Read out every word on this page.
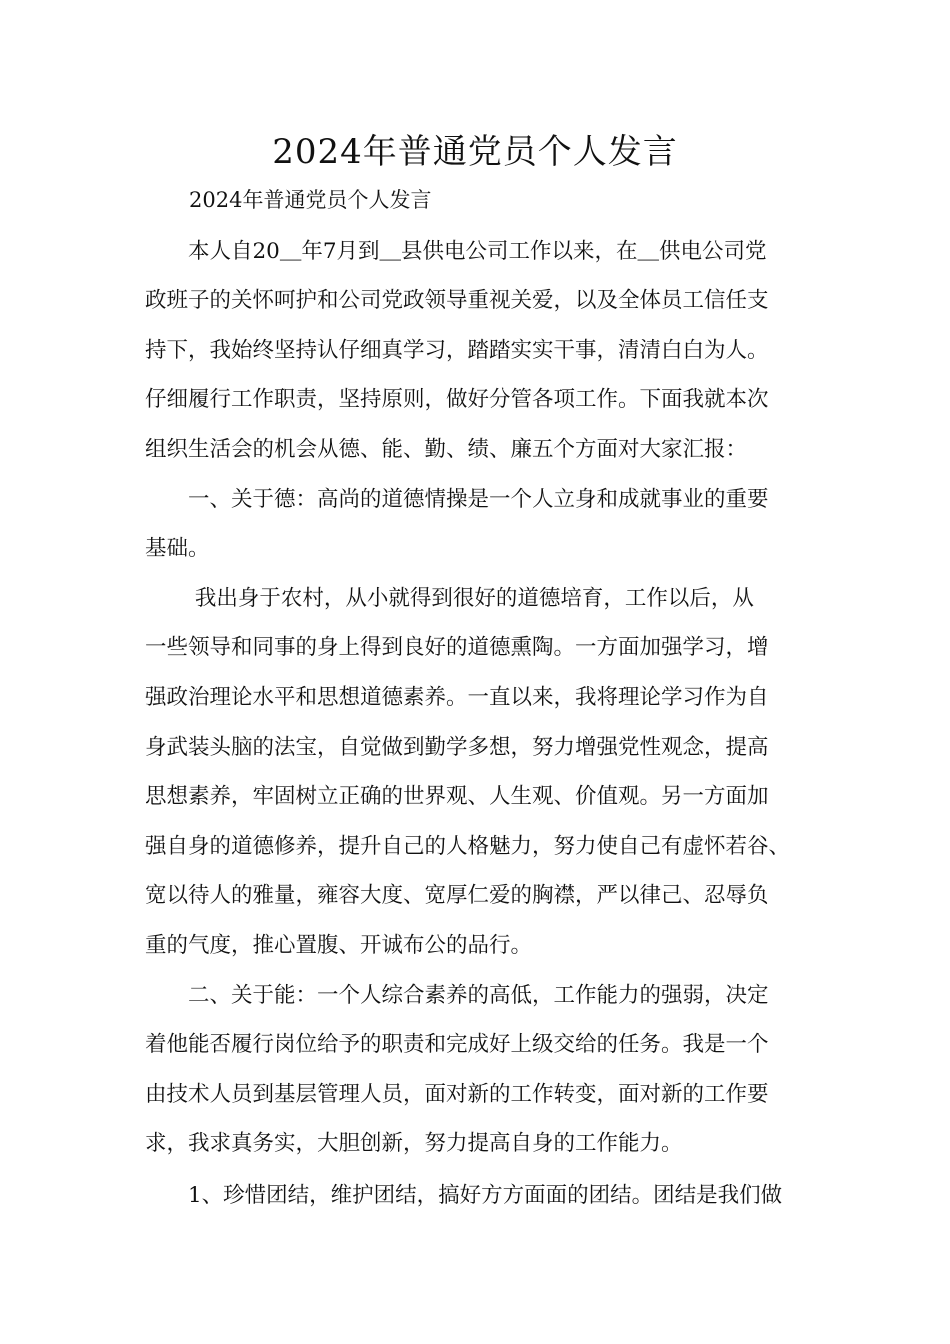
2024年普通党员个人发言

2024年普通党员个人发言

　　本人自20＿年7月到＿县供电公司工作以来，在＿供电公司党

政班子的关怀呵护和公司党政领导重视关爱，以及全体员工信任支

持下，我始终坚持认仔细真学习，踏踏实实干事，清清白白为人。

仔细履行工作职责，坚持原则，做好分管各项工作。下面我就本次

组织生活会的机会从德、能、勤、绩、廉五个方面对大家汇报：

　　一、关于德：高尚的道德情操是一个人立身和成就事业的重要

基础。

　　 我出身于农村，从小就得到很好的道德培育，工作以后，从

一些领导和同事的身上得到良好的道德熏陶。一方面加强学习，增

强政治理论水平和思想道德素养。一直以来，我将理论学习作为自

身武装头脑的法宝，自觉做到勤学多想，努力增强党性观念，提高

思想素养，牢固树立正确的世界观、人生观、价值观。另一方面加

强自身的道德修养，提升自己的人格魅力，努力使自己有虚怀若谷、

宽以待人的雅量，雍容大度、宽厚仁爱的胸襟，严以律己、忍辱负

重的气度，推心置腹、开诚布公的品行。

　　二、关于能：一个人综合素养的高低，工作能力的强弱，决定

着他能否履行岗位给予的职责和完成好上级交给的任务。我是一个

由技术人员到基层管理人员，面对新的工作转变，面对新的工作要

求，我求真务实，大胆创新，努力提高自身的工作能力。

　　1、珍惜团结，维护团结，搞好方方面面的团结。团结是我们做
